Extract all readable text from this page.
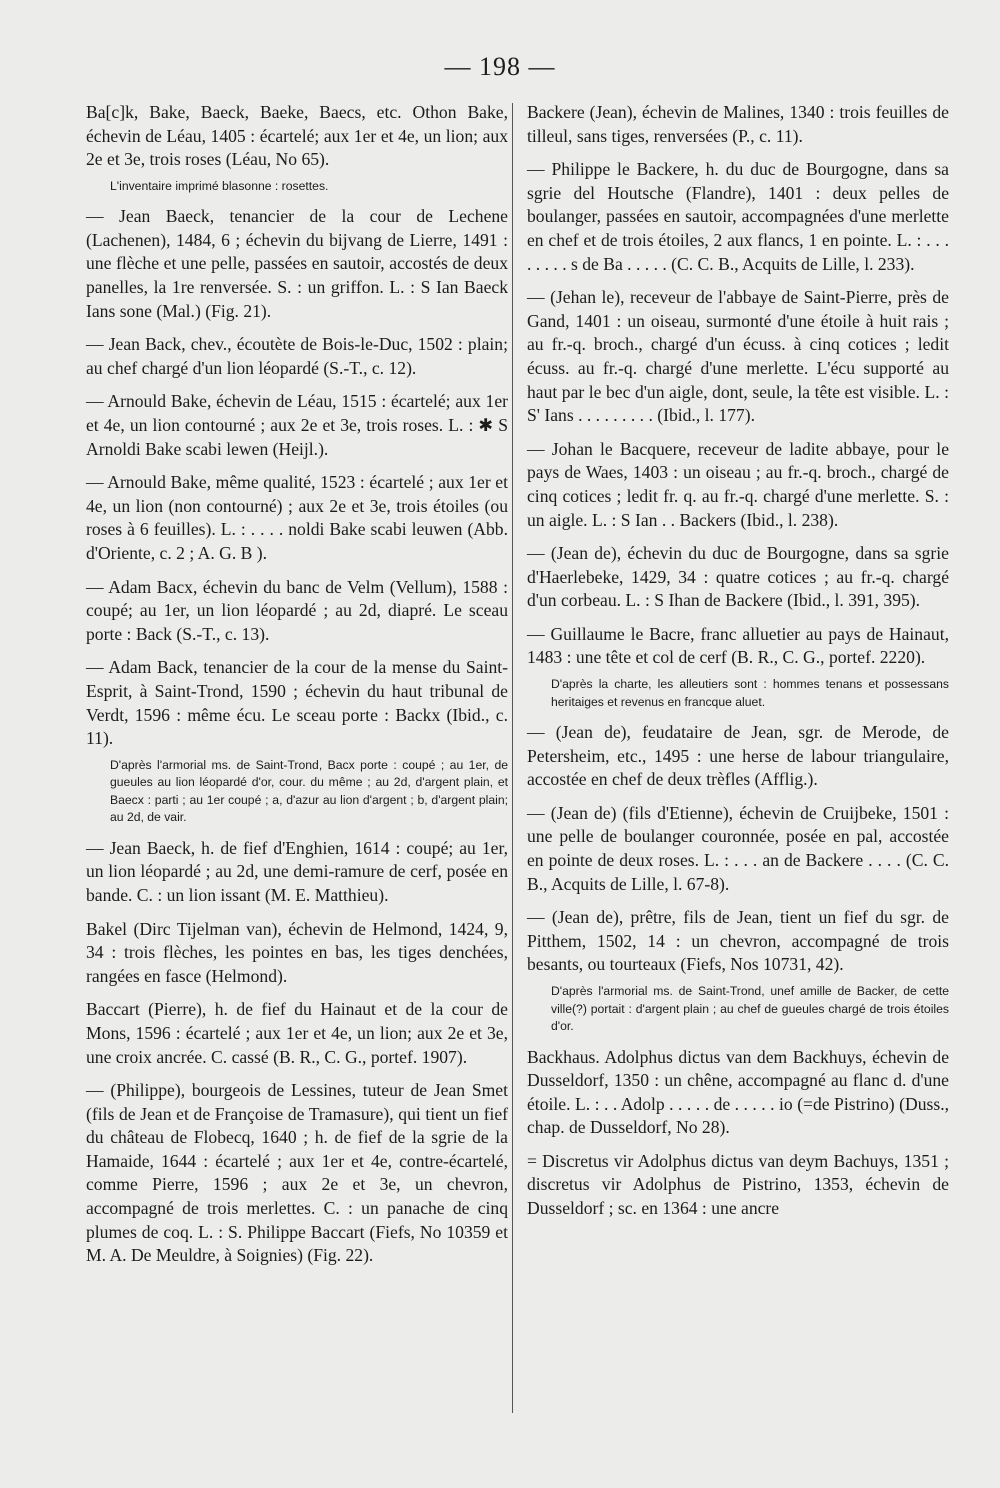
— 198 —

Ba[c]k, Bake, Baeck, Baeke, Baecs, etc. Othon Bake, échevin de Léau, 1405 : écartelé; aux 1er et 4e, un lion; aux 2e et 3e, trois roses (Léau, No 65).

L'inventaire imprimé blasonne : rosettes.

— Jean Baeck, tenancier de la cour de Lechene (Lachenen), 1484, 6 ; échevin du bijvang de Lierre, 1491 : une flèche et une pelle, passées en sautoir, accostés de deux panelles, la 1re renversée. S. : un griffon. L. : S Ian Baeck Ians sone (Mal.) (Fig. 21).

— Jean Back, chev., écoutète de Bois-le-Duc, 1502 : plain; au chef chargé d'un lion léopardé (S.-T., c. 12).

— Arnould Bake, échevin de Léau, 1515 : écartelé; aux 1er et 4e, un lion contourné ; aux 2e et 3e, trois roses. L. : ✱ S Arnoldi Bake scabi lewen (Heijl.).

— Arnould Bake, même qualité, 1523 : écartelé ; aux 1er et 4e, un lion (non contourné) ; aux 2e et 3e, trois étoiles (ou roses à 6 feuilles). L. : . . . . noldi Bake scabi leuwen (Abb. d'Oriente, c. 2 ; A. G. B ).

— Adam Bacx, échevin du banc de Velm (Vellum), 1588 : coupé; au 1er, un lion léopardé ; au 2d, diapré. Le sceau porte : Back (S.-T., c. 13).

— Adam Back, tenancier de la cour de la mense du Saint-Esprit, à Saint-Trond, 1590 ; échevin du haut tribunal de Verdt, 1596 : même écu. Le sceau porte : Backx (Ibid., c. 11).

D'après l'armorial ms. de Saint-Trond, Bacx porte : coupé ; au 1er, de gueules au lion léopardé d'or, cour. du même ; au 2d, d'argent plain, et Baecx : parti ; au 1er coupé ; a, d'azur au lion d'argent ; b, d'argent plain; au 2d, de vair.

— Jean Baeck, h. de fief d'Enghien, 1614 : coupé; au 1er, un lion léopardé ; au 2d, une demi-ramure de cerf, posée en bande. C. : un lion issant (M. E. Matthieu).

Bakel (Dirc Tijelman van), échevin de Helmond, 1424, 9, 34 : trois flèches, les pointes en bas, les tiges denchées, rangées en fasce (Helmond).

Baccart (Pierre), h. de fief du Hainaut et de la cour de Mons, 1596 : écartelé ; aux 1er et 4e, un lion; aux 2e et 3e, une croix ancrée. C. cassé (B. R., C. G., portef. 1907).

— (Philippe), bourgeois de Lessines, tuteur de Jean Smet (fils de Jean et de Françoise de Tramasure), qui tient un fief du château de Flobecq, 1640 ; h. de fief de la sgrie de la Hamaide, 1644 : écartelé ; aux 1er et 4e, contre-écartelé, comme Pierre, 1596 ; aux 2e et 3e, un chevron, accompagné de trois merlettes. C. : un panache de cinq plumes de coq. L. : S. Philippe Baccart (Fiefs, No 10359 et M. A. De Meuldre, à Soignies) (Fig. 22).

Backere (Jean), échevin de Malines, 1340 : trois feuilles de tilleul, sans tiges, renversées (P., c. 11).

— Philippe le Backere, h. du duc de Bourgogne, dans sa sgrie del Houtsche (Flandre), 1401 : deux pelles de boulanger, passées en sautoir, accompagnées d'une merlette en chef et de trois étoiles, 2 aux flancs, 1 en pointe. L. : . . . . . . . . s de Ba . . . . . (C. C. B., Acquits de Lille, l. 233).

— (Jehan le), receveur de l'abbaye de Saint-Pierre, près de Gand, 1401 : un oiseau, surmonté d'une étoile à huit rais ; au fr.-q. broch., chargé d'un écuss. à cinq cotices ; ledit écuss. au fr.-q. chargé d'une merlette. L'écu supporté au haut par le bec d'un aigle, dont, seule, la tête est visible. L. : S' Ians . . . . . . . . . (Ibid., l. 177).

— Johan le Bacquere, receveur de ladite abbaye, pour le pays de Waes, 1403 : un oiseau ; au fr.-q. broch., chargé de cinq cotices ; ledit fr. q. au fr.-q. chargé d'une merlette. S. : un aigle. L. : S Ian . . Backers (Ibid., l. 238).

— (Jean de), échevin du duc de Bourgogne, dans sa sgrie d'Haerlebeke, 1429, 34 : quatre cotices ; au fr.-q. chargé d'un corbeau. L. : S Ihan de Backere (Ibid., l. 391, 395).

— Guillaume le Bacre, franc alluetier au pays de Hainaut, 1483 : une tête et col de cerf (B. R., C. G., portef. 2220).

D'après la charte, les alleutiers sont : hommes tenans et possessans heritaiges et revenus en francque aluet.

— (Jean de), feudataire de Jean, sgr. de Merode, de Petersheim, etc., 1495 : une herse de labour triangulaire, accostée en chef de deux trèfles (Afflig.).

— (Jean de) (fils d'Etienne), échevin de Cruijbeke, 1501 : une pelle de boulanger couronnée, posée en pal, accostée en pointe de deux roses. L. : . . . an de Backere . . . . (C. C. B., Acquits de Lille, l. 67-8).

— (Jean de), prêtre, fils de Jean, tient un fief du sgr. de Pitthem, 1502, 14 : un chevron, accompagné de trois besants, ou tourteaux (Fiefs, Nos 10731, 42).

D'après l'armorial ms. de Saint-Trond, unef amille de Backer, de cette ville(?) portait : d'argent plain ; au chef de gueules chargé de trois étoiles d'or.

Backhaus. Adolphus dictus van dem Backhuys, échevin de Dusseldorf, 1350 : un chêne, accompagné au flanc d. d'une étoile. L. : . . Adolp . . . . . de . . . . . io (=de Pistrino) (Duss., chap. de Dusseldorf, No 28).

= Discretus vir Adolphus dictus van deym Bachuys, 1351 ; discretus vir Adolphus de Pistrino, 1353, échevin de Dusseldorf ; sc. en 1364 : une ancre
